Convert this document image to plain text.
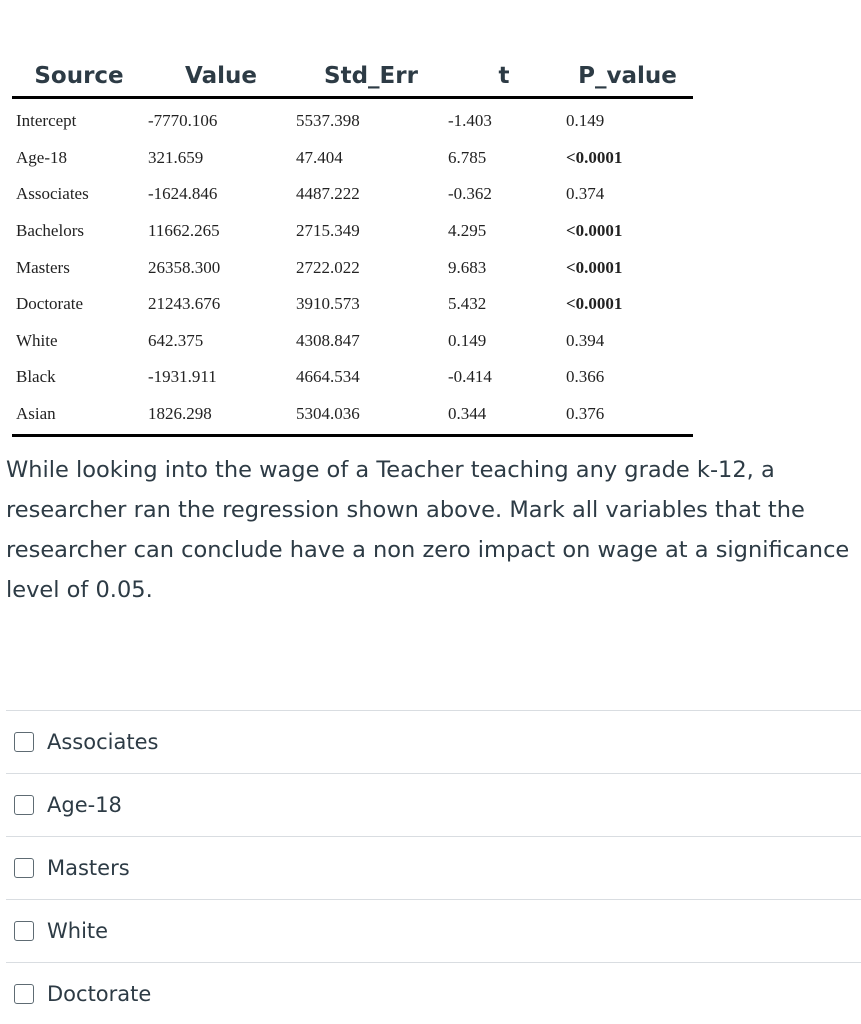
Source	Value	Std_Err	t	P_value
Intercept	-7770.106	5537.398	-1.403	0.149
Age-18	321.659	47.404	6.785	<0.0001
Associates	-1624.846	4487.222	-0.362	0.374
Bachelors	11662.265	2715.349	4.295	<0.0001
Masters	26358.300	2722.022	9.683	<0.0001
Doctorate	21243.676	3910.573	5.432	<0.0001
White	642.375	4308.847	0.149	0.394
Black	-1931.911	4664.534	-0.414	0.366
Asian	1826.298	5304.036	0.344	0.376

While looking into the wage of a Teacher teaching any grade k-12, a researcher ran the regression shown above. Mark all variables that the researcher can conclude have a non zero impact on wage at a significance level of 0.05.

Associates
Age-18
Masters
White
Doctorate
